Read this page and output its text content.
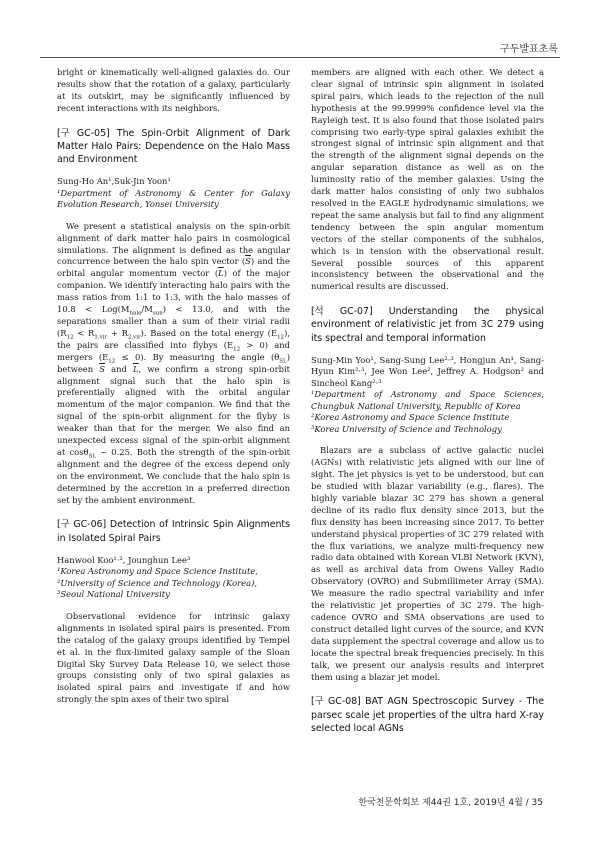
구두발표초록

bright or kinematically well-aligned galaxies do. Our results show that the rotation of a galaxy, particularly at its outskirt, may be significantly influenced by recent interactions with its neighbors.

[구 GC-05] The Spin-Orbit Alignment of Dark Matter Halo Pairs: Dependence on the Halo Mass and Environment

Sung-Ho An¹,Suk-Jin Yoon¹

¹Department of Astronomy & Center for Galaxy Evolution Research, Yonsei University

We present a statistical analysis on the spin-orbit alignment of dark matter halo pairs in cosmological simulations. The alignment is defined as the angular concurrence between the halo spin vector $(\overline{S})$ and the orbital angular momentum vector $(\overline{L})$ of the major companion. We identify interacting halo pairs with the mass ratios from 1:1 to 1:3, with the halo masses of $10.8 < Log(M_{halo}/M_{sun}) < 13.0$, and with the separations smaller than a sum of their virial radii $(R_{12} < R_{1,vir} + R_{2,vir})$. Based on the total energy $(E_{12})$, the pairs are classified into flybys $(E_{12} > 0)$ and mergers $(E_{12} \le 0)$. By measuring the angle $(\theta_{SL})$ between $\overline{S}$ and $\overline{L}$, we confirm a strong spin-orbit alignment signal such that the halo spin is preferentially aligned with the orbital angular momentum of the major companion. We find that the signal of the spin-orbit alignment for the flyby is weaker than that for the merger. We also find an unexpected excess signal of the spin-orbit alignment at cosθ$_{SL}$ ~ 0.25. Both the strength of the spin-orbit alignment and the degree of the excess depend only on the environment. We conclude that the halo spin is determined by the accretion in a preferred direction set by the ambient environment.

[구 GC-06] Detection of Intrinsic Spin Alignments in Isolated Spiral Pairs

Hanwool Koo¹·², Jounghun Lee³

¹Korea Astronomy and Space Science Institute,

²University of Science and Technology (Korea),

³Seoul National University

Observational evidence for intrinsic galaxy alignments in isolated spiral pairs is presented. From the catalog of the galaxy groups identified by Tempel et al. in the flux-limited galaxy sample of the Sloan Digital Sky Survey Data Release 10, we select those groups consisting only of two spiral galaxies as isolated spiral pairs and investigate if and how strongly the spin axes of their two spiral

members are aligned with each other. We detect a clear signal of intrinsic spin alignment in isolated spiral pairs, which leads to the rejection of the null hypothesis at the 99.9999% confidence level via the Rayleigh test. It is also found that those isolated pairs comprising two early-type spiral galaxies exhibit the strongest signal of intrinsic spin alignment and that the strength of the alignment signal depends on the angular separation distance as well as on the luminosity ratio of the member galaxies. Using the dark matter halos consisting of only two subhalos resolved in the EAGLE hydrodynamic simulations, we repeat the same analysis but fail to find any alignment tendency between the spin angular momentum vectors of the stellar components of the subhalos, which is in tension with the observational result. Several possible sources of this apparent inconsistency between the observational and the numerical results are discussed.

[석 GC-07] Understanding the physical environment of relativistic jet from 3C 279 using its spectral and temporal information

Sung-Min Yoo¹, Sang-Sung Lee²·³, Hongjun An¹, Sang-Hyun Kim²·³, Jee Won Lee², Jeffrey A. Hodgson² and Sincheol Kang²·³

¹Department of Astronomy and Space Sciences, Chungbuk National University, Republic of Korea

²Korea Astronomy and Space Science Institute

³Korea University of Science and Technology

Blazars are a subclass of active galactic nuclei (AGNs) with relativistic jets aligned with our line of sight. The jet physics is yet to be understood, but can be studied with blazar variability (e.g., flares). The highly variable blazar 3C 279 has shown a general decline of its radio flux density since 2013, but the flux density has been increasing since 2017. To better understand physical properties of 3C 279 related with the flux variations, we analyze multi-frequency new radio data obtained with Korean VLBI Network (KVN), as well as archival data from Owens Valley Radio Observatory (OVRO) and Submillimeter Array (SMA). We measure the radio spectral variability and infer the relativistic jet properties of 3C 279. The high-cadence OVRO and SMA observations are used to construct detailed light curves of the source, and KVN data supplement the spectral coverage and allow us to locate the spectral break frequencies precisely. In this talk, we present our analysis results and interpret them using a blazar jet model.

[구 GC-08] BAT AGN Spectroscopic Survey - The parsec scale jet properties of the ultra hard X-ray selected local AGNs

한국천문학회보 제44권 1호, 2019년 4월 / 35
